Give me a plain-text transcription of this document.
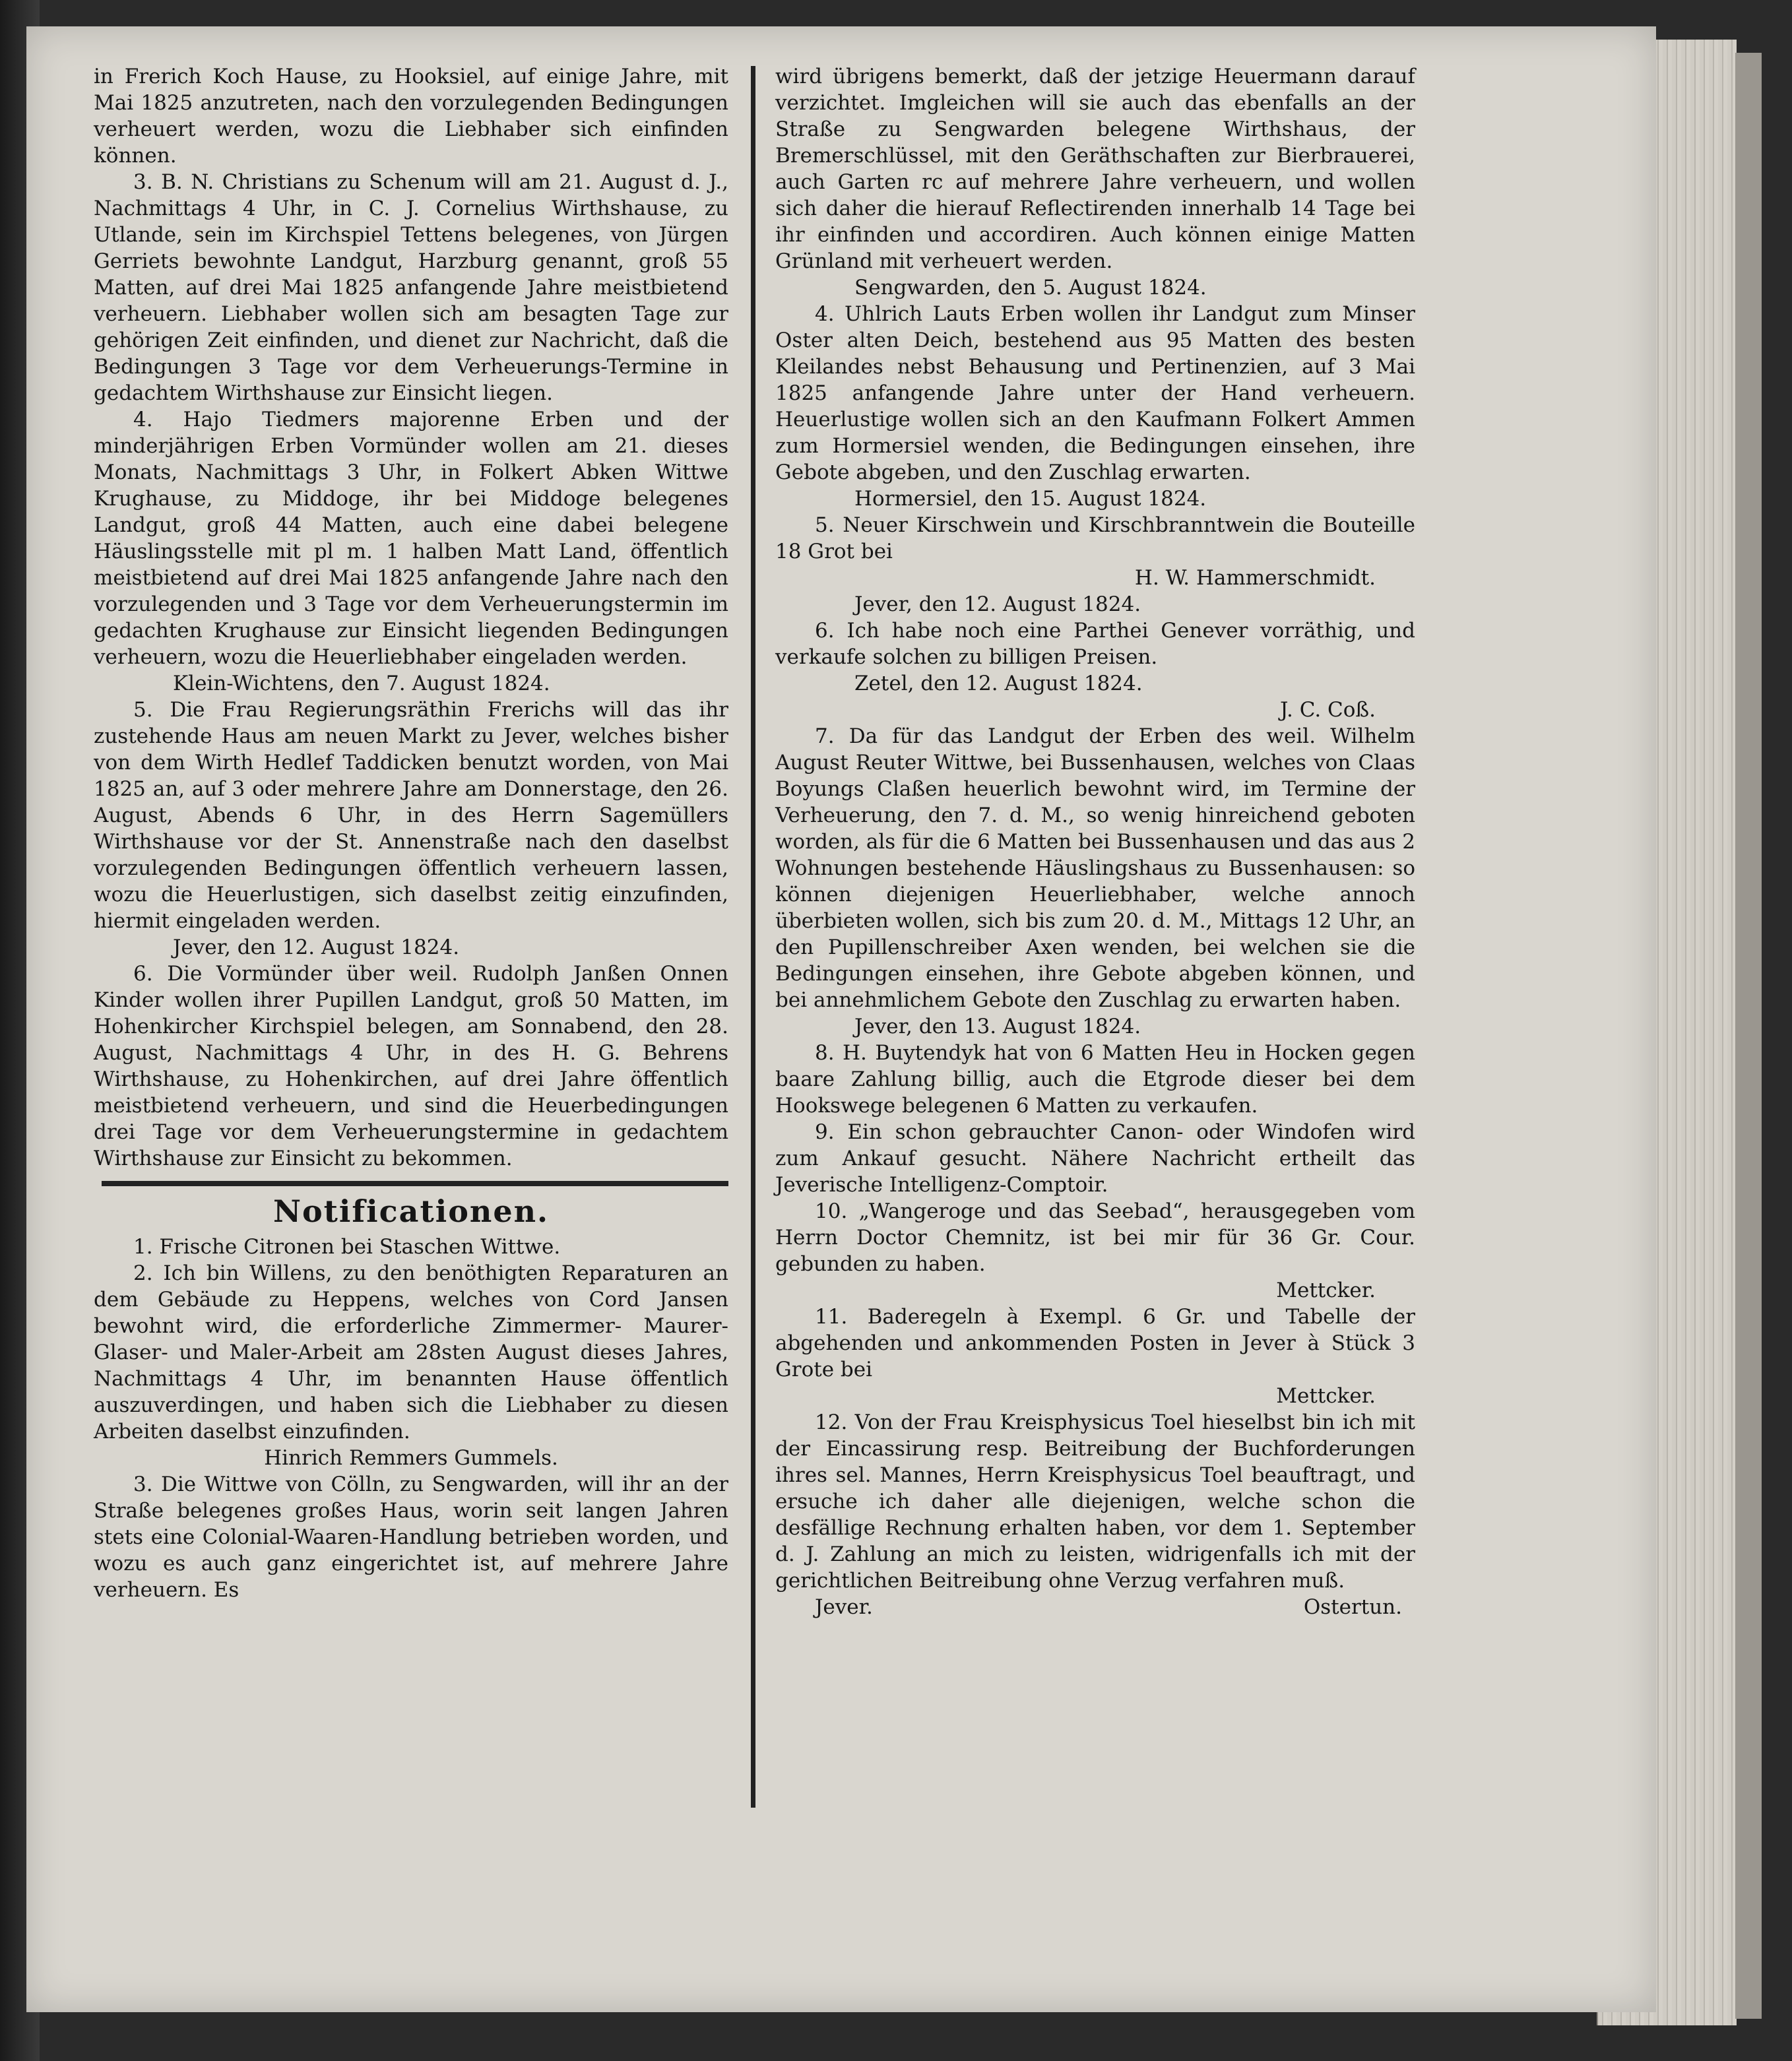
in Frerich Koch Hause, zu Hooksiel, auf einige Jahre, mit Mai 1825 anzutreten, nach den vorzulegenden Bedingungen verheuert werden, wozu die Liebhaber sich einfinden können.

3. B. N. Christians zu Schenum will am 21. August d. J., Nachmittags 4 Uhr, in C. J. Cornelius Wirthshause, zu Utlande, sein im Kirchspiel Tettens belegenes, von Jürgen Gerriets bewohnte Landgut, Harzburg genannt, groß 55 Matten, auf drei Mai 1825 anfangende Jahre meistbietend verheuern. Liebhaber wollen sich am besagten Tage zur gehörigen Zeit einfinden, und dienet zur Nachricht, daß die Bedingungen 3 Tage vor dem Verheuerungs-Termine in gedachtem Wirthshause zur Einsicht liegen.

4. Hajo Tiedmers majorenne Erben und der minderjährigen Erben Vormünder wollen am 21. dieses Monats, Nachmittags 3 Uhr, in Folkert Abken Wittwe Krughause, zu Middoge, ihr bei Middoge belegenes Landgut, groß 44 Matten, auch eine dabei belegene Häuslingsstelle mit pl m. 1 halben Matt Land, öffentlich meistbietend auf drei Mai 1825 anfangende Jahre nach den vorzulegenden und 3 Tage vor dem Verheuerungstermin im gedachten Krughause zur Einsicht liegenden Bedingungen verheuern, wozu die Heuerliebhaber eingeladen werden.

Klein-Wichtens, den 7. August 1824.

5. Die Frau Regierungsräthin Frerichs will das ihr zustehende Haus am neuen Markt zu Jever, welches bisher von dem Wirth Hedlef Taddicken benutzt worden, von Mai 1825 an, auf 3 oder mehrere Jahre am Donnerstage, den 26. August, Abends 6 Uhr, in des Herrn Sagemüllers Wirthshause vor der St. Annenstraße nach den daselbst vorzulegenden Bedingungen öffentlich verheuern lassen, wozu die Heuerlustigen, sich daselbst zeitig einzufinden, hiermit eingeladen werden.

Jever, den 12. August 1824.

6. Die Vormünder über weil. Rudolph Janßen Onnen Kinder wollen ihrer Pupillen Landgut, groß 50 Matten, im Hohenkircher Kirchspiel belegen, am Sonnabend, den 28. August, Nachmittags 4 Uhr, in des H. G. Behrens Wirthshause, zu Hohenkirchen, auf drei Jahre öffentlich meistbietend verheuern, und sind die Heuerbedingungen drei Tage vor dem Verheuerungstermine in gedachtem Wirthshause zur Einsicht zu bekommen.

Notificationen.

1. Frische Citronen bei Staschen Wittwe.

2. Ich bin Willens, zu den benöthigten Reparaturen an dem Gebäude zu Heppens, welches von Cord Jansen bewohnt wird, die erforderliche Zimmermer- Maurer- Glaser- und Maler-Arbeit am 28sten August dieses Jahres, Nachmittags 4 Uhr, im benannten Hause öffentlich auszuverdingen, und haben sich die Liebhaber zu diesen Arbeiten daselbst einzufinden.

Hinrich Remmers Gummels.

3. Die Wittwe von Cölln, zu Sengwarden, will ihr an der Straße belegenes großes Haus, worin seit langen Jahren stets eine Colonial-Waaren-Handlung betrieben worden, und wozu es auch ganz eingerichtet ist, auf mehrere Jahre verheuern. Es

wird übrigens bemerkt, daß der jetzige Heuermann darauf verzichtet. Imgleichen will sie auch das ebenfalls an der Straße zu Sengwarden belegene Wirthshaus, der Bremerschlüssel, mit den Geräthschaften zur Bierbrauerei, auch Garten rc auf mehrere Jahre verheuern, und wollen sich daher die hierauf Reflectirenden innerhalb 14 Tage bei ihr einfinden und accordiren. Auch können einige Matten Grünland mit verheuert werden.

Sengwarden, den 5. August 1824.

4. Uhlrich Lauts Erben wollen ihr Landgut zum Minser Oster alten Deich, bestehend aus 95 Matten des besten Kleilandes nebst Behausung und Pertinenzien, auf 3 Mai 1825 anfangende Jahre unter der Hand verheuern. Heuerlustige wollen sich an den Kaufmann Folkert Ammen zum Hormersiel wenden, die Bedingungen einsehen, ihre Gebote abgeben, und den Zuschlag erwarten.

Hormersiel, den 15. August 1824.

5. Neuer Kirschwein und Kirschbranntwein die Bouteille 18 Grot bei

H. W. Hammerschmidt.

Jever, den 12. August 1824.

6. Ich habe noch eine Parthei Genever vorräthig, und verkaufe solchen zu billigen Preisen.

Zetel, den 12. August 1824.

J. C. Coß.

7. Da für das Landgut der Erben des weil. Wilhelm August Reuter Wittwe, bei Bussenhausen, welches von Claas Boyungs Claßen heuerlich bewohnt wird, im Termine der Verheuerung, den 7. d. M., so wenig hinreichend geboten worden, als für die 6 Matten bei Bussenhausen und das aus 2 Wohnungen bestehende Häuslingshaus zu Bussenhausen: so können diejenigen Heuerliebhaber, welche annoch überbieten wollen, sich bis zum 20. d. M., Mittags 12 Uhr, an den Pupillenschreiber Axen wenden, bei welchen sie die Bedingungen einsehen, ihre Gebote abgeben können, und bei annehmlichem Gebote den Zuschlag zu erwarten haben.

Jever, den 13. August 1824.

8. H. Buytendyk hat von 6 Matten Heu in Hocken gegen baare Zahlung billig, auch die Etgrode dieser bei dem Hookswege belegenen 6 Matten zu verkaufen.

9. Ein schon gebrauchter Canon- oder Windofen wird zum Ankauf gesucht. Nähere Nachricht ertheilt das Jeverische Intelligenz-Comptoir.

10. „Wangeroge und das Seebad“, herausgegeben vom Herrn Doctor Chemnitz, ist bei mir für 36 Gr. Cour. gebunden zu haben.

Mettcker.

11. Baderegeln à Exempl. 6 Gr. und Tabelle der abgehenden und ankommenden Posten in Jever à Stück 3 Grote bei

Mettcker.

12. Von der Frau Kreisphysicus Toel hieselbst bin ich mit der Eincassirung resp. Beitreibung der Buchforderungen ihres sel. Mannes, Herrn Kreisphysicus Toel beauftragt, und ersuche ich daher alle diejenigen, welche schon die desfällige Rechnung erhalten haben, vor dem 1. September d. J. Zahlung an mich zu leisten, widrigenfalls ich mit der gerichtlichen Beitreibung ohne Verzug verfahren muß.

Jever.	Ostertun.
